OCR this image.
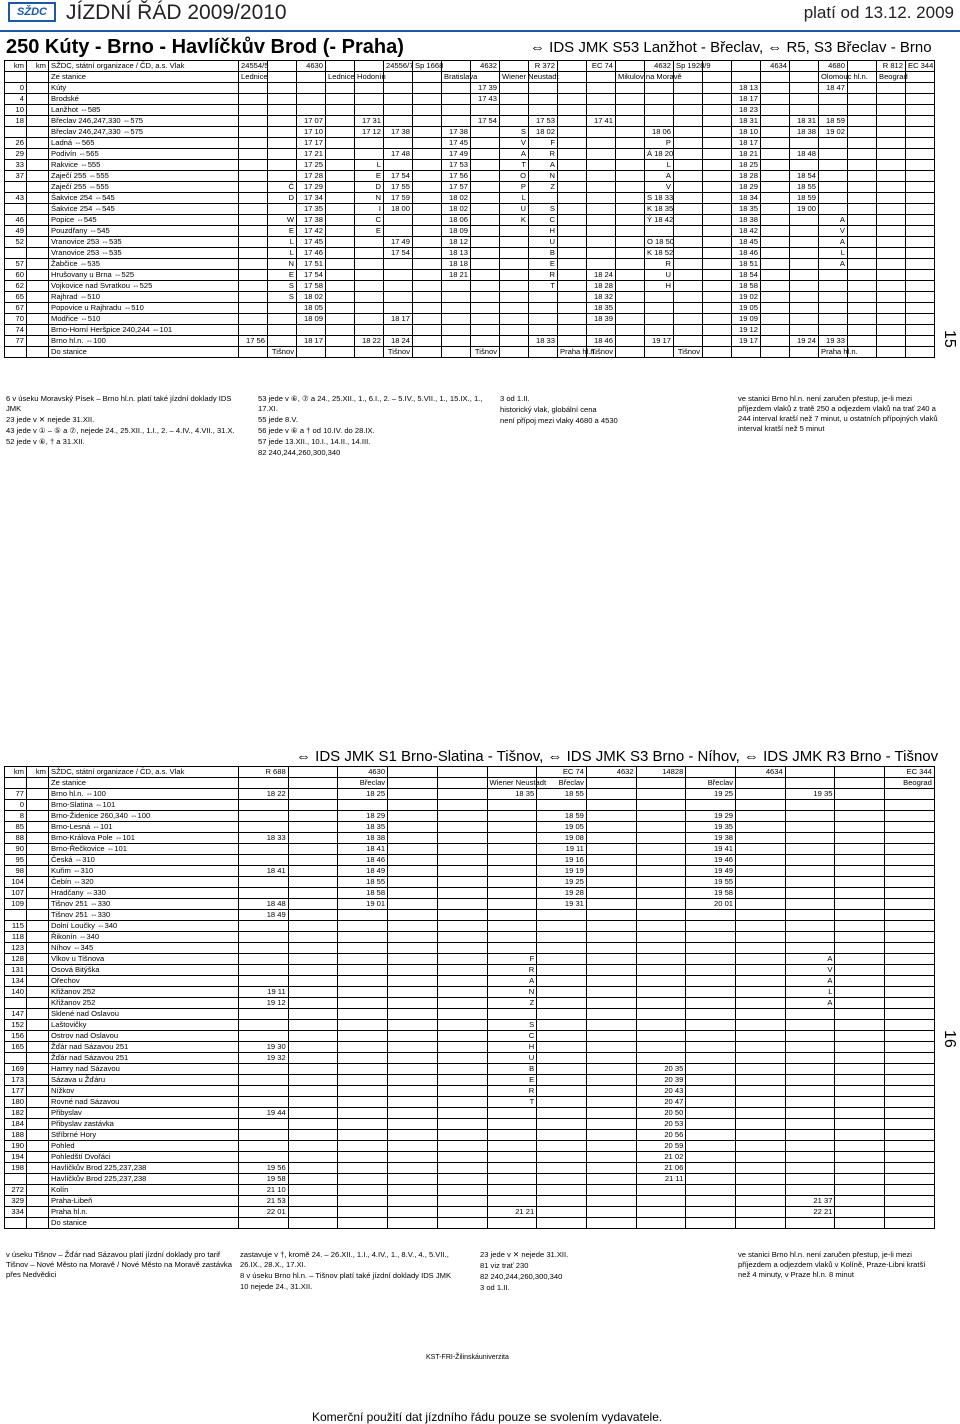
SŽDC JÍZDNÍ ŘÁD 2009/2010	platí od 13.12. 2009
250 Kúty - Brno - Havlíčkův Brod (- Praha)	⇔ IDS JMK S53 Lanžhot - Břeclav, ⇔ R5, S3 Břeclav - Brno
km	km	SŽDC, státní organizace / ČD, a.s. Vlak	24554/5		4630			24556/7	Sp 1668		4632		R 372		EC 74		4632	Sp 1928/9			4634		4680		R 812	EC 344
		Ze stanice	Lednice			Lednice	Hodonín			Bratislava		Wiener Neustadt				Mikulov na Moravě							Olomouc hl.n.		Beograd	
0		Kúty									17 39									18 13			18 47			
4		Brodské									17 43									18 17						
10		Lanžhot ⇔585																		18 23						
18		Břeclav 246,247,330 ⇔575			17 07		17 31				17 54		17 53		17 41					18 31		18 31	18 59			
		Břeclav 246,247,330 ⇔575			17 10		17 12	17 38		17 38		S	18 02				18 06			18 10		18 38	19 02			
26		Ladná ⇔565			17 17					17 45		V	F				P			18 17						
29		Podivín ⇔565			17 21			17 48		17 49		A	R				Á 18 20			18 21		18 48				
33		Rakvice ⇔555			17 25		L			17 53		T	A				L			18 25						
37		Zaječí 255 ⇔555			17 28		E	17 54		17 56		O	N				A			18 28		18 54				
		Zaječí 255 ⇔555		Č	17 29		D	17 55		17 57		P	Z				V			18 29		18 55				
43		Šakvice 254 ⇔545		D	17 34		N	17 59		18 02		L					S 18 33			18 34		18 59				
		Šakvice 254 ⇔545			17 35		I	18 00		18 02		U	S				K 18 35			18 35		19 00				
46		Popice ⇔545		W	17 38		C			18 06		K	C				Ý 18 42			18 38			A			
49		Pouzdřany ⇔545		E	17 42		E			18 09			H							18 42			V			
52		Vranovice 253 ⇔535		L	17 45			17 49		18 12			U				O 18 50			18 45			A			
		Vranovice 253 ⇔535		L	17 46			17 54		18 13			B				K 18 52			18 46			L			
57		Žabčice ⇔535		N	17 51					18 18			E				R			18 51			A			
60		Hrušovany u Brna ⇔525		E	17 54					18 21			R		18 24		U			18 54						
62		Vojkovice nad Svratkou ⇔525		S	17 58								T		18 28		H			18 58						
65		Rajhrad ⇔510		S	18 02										18 32					19 02						
67		Popovice u Rajhradu ⇔510			18 05										18 35					19 05						
70		Modřice ⇔510			18 09			18 17							18 39					19 09						
74		Brno-Horní Heršpice 240,244 ⇔101																		19 12						
77		Brno hl.n. ⇔100	17 56		18 17		18 22	18 24					18 33		18 46		19 17			19 17		19 24	19 33			
		Do stanice		Tišnov				Tišnov			Tišnov			Praha hl.n.	Tišnov			Tišnov					Praha hl.n.			
6 v úseku Moravský Písek – Brno hl.n. platí také jízdní doklady IDS JMK
23 jede v ✕ nejede 31.XII.
43 jede v ① – ⑤ a ⑦, nejede 24., 25.XII., 1.I., 2. – 4.IV., 4.VII., 31.X.
52 jede v ⑥, † a 31.XII.
53 jede v ⑥, ⑦ a 24., 25.XII., 1., 6.I., 2. – 5.IV., 5.VII., 1., 15.IX., 1., 17.XI.
55 jede 8.V.
56 jede v ⑥ a † od 10.IV. do 28.IX.
57 jede 13.XII., 10.I., 14.II., 14.III.
82 240,244,260,300,340
3 od 1.II.
historický vlak, globální cena
není přípoj mezi vlaky 4680 a 4530
ve stanici Brno hl.n. není zaručen přestup, je-li mezi příjezdem vlaků z tratě 250 a odjezdem vlaků na trať 240 a 244 interval kratší než 7 minut, u ostatních přípojných vlaků interval kratší než 5 minut
15
⇔ IDS JMK S1 Brno-Slatina - Tišnov, ⇔ IDS JMK S3 Brno - Níhov, ⇔ IDS JMK R3 Brno - Tišnov
km	km	SŽDC, státní organizace / ČD, a.s. Vlak	R 688		4630				EC 74	4632	14828		4634			EC 344
		Ze stanice			Břeclav			Wiener Neustadt	Břeclav			Břeclav				Beograd
77		Brno hl.n. ⇔100	18 22		18 25			18 35	18 55			19 25		19 35		
0		Brno-Slatina ⇔101														
8		Brno-Židenice 260,340 ⇔100			18 29				18 59			19 29				
85		Brno-Lesná ⇔101			18 35				19 05			19 35				
88		Brno-Králova Pole ⇔101	18 33		18 38				19 08			19 38				
90		Brno-Řečkovice ⇔101			18 41				19 11			19 41				
95		Česká ⇔310			18 46				19 16			19 46				
98		Kuřim ⇔310	18 41		18 49				19 19			19 49				
104		Čebín ⇔320			18 55				19 25			19 55				
107		Hradčany ⇔330			18 58				19 28			19 58				
109		Tišnov 251 ⇔330	18 48		19 01				19 31			20 01				
		Tišnov 251 ⇔330	18 49													
115		Dolní Loučky ⇔340														
118		Řikonín ⇔340														
123		Níhov ⇔345														
128		Vlkov u Tišnova						F						A		
131		Osová Bitýška						R						V		
134		Ořechov						A						A		
140		Křižanov 252	19 11					N						L		
		Křižanov 252	19 12					Z						A		
147		Sklené nad Oslavou														
152		Laštovičky						S								
156		Ostrov nad Oslavou						C								
165		Žďár nad Sázavou 251	19 30					H								
		Žďár nad Sázavou 251	19 32					U								
169		Hamry nad Sázavou						B			20 35					
173		Sázava u Žďáru						E			20 39					
177		Nížkov						R			20 43					
180		Rovné nad Sázavou						T			20 47					
182		Přibyslav	19 44								20 50					
184		Přibyslav zastávka									20 53					
188		Stříbrné Hory									20 56					
190		Pohled									20 59					
194		Pohledští Dvořáci									21 02					
198		Havlíčkův Brod 225,237,238	19 56								21 06					
		Havlíčkův Brod 225,237,238	19 58								21 11					
272		Kolín	21 10													
329		Praha-Libeň	21 53											21 37		
334		Praha hl.n.	22 01					21 21						22 21		
		Do stanice														
v úseku Tišnov – Žďár nad Sázavou platí jízdní doklady pro tarif Tišnov – Nové Město na Moravě / Nové Město na Moravě zastávka přes Nedvědici
zastavuje v †, kromě 24. – 26.XII., 1.I., 4.IV., 1., 8.V., 4., 5.VII., 26.IX., 28.X., 17.XI.
8 v úseku Brno hl.n. – Tišnov platí také jízdní doklady IDS JMK
10 nejede 24., 31.XII.
23 jede v ✕ nejede 31.XII.
81 viz trať 230
82 240,244,260,300,340
3 od 1.II.
ve stanici Brno hl.n. není zaručen přestup, je-li mezi příjezdem a odjezdem vlaků v Kolíně, Praze-Libni kratší než 4 minuty, v Praze hl.n. 8 minut
16
KST-FRI-Žilinskáuniverzita
Komerční použití dat jízdního řádu pouze se svolením vydavatele.
